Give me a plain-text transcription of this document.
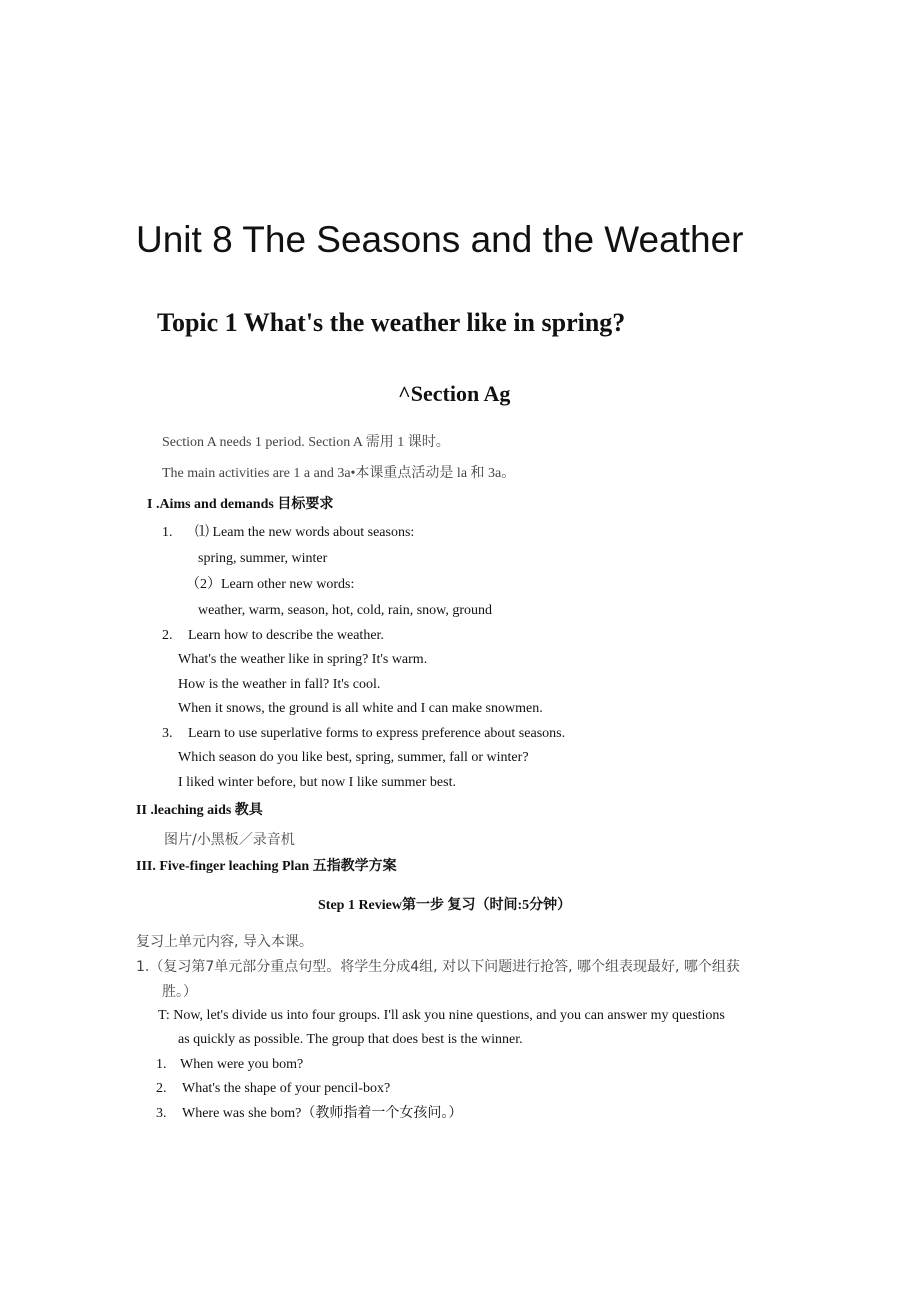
Unit 8 The Seasons and the Weather
Topic 1 What's the weather like in spring?
^Section Ag
Section A needs 1 period. Section A 需用 1 课时。
The main activities are 1 a and 3a•本课重点活动是 la 和 3a。
I .Aims and demands 目标要求
1. ⑴ Leam the new words about seasons:
spring, summer, winter
（2）Learn other new words:
weather, warm, season, hot, cold, rain, snow, ground
2. Learn how to describe the weather.
What's the weather like in spring? It's warm.
How is the weather in fall? It's cool.
When it snows, the ground is all white and I can make snowmen.
3. Learn to use superlative forms to express preference about seasons.
Which season do you like best, spring, summer, fall or winter?
I liked winter before, but now I like summer best.
II .leaching aids 教具
图片/小黑板／录音机
III. Five-finger leaching Plan 五指教学方案
Step 1 Review第一步 复习（时间:5分钟）
复习上单元内容, 导入本课。
1.（复习第7单元部分重点句型。将学生分成4组, 对以下问题进行抢答, 哪个组表现最好, 哪个组获
胜。）
T: Now, let's divide us into four groups. I'll ask you nine questions, and you can answer my questions
as quickly as possible. The group that does best is the winner.
1. When were you bom?
2. What's the shape of your pencil-box?
3. Where was she bom?（教师指着一个女孩问。）
